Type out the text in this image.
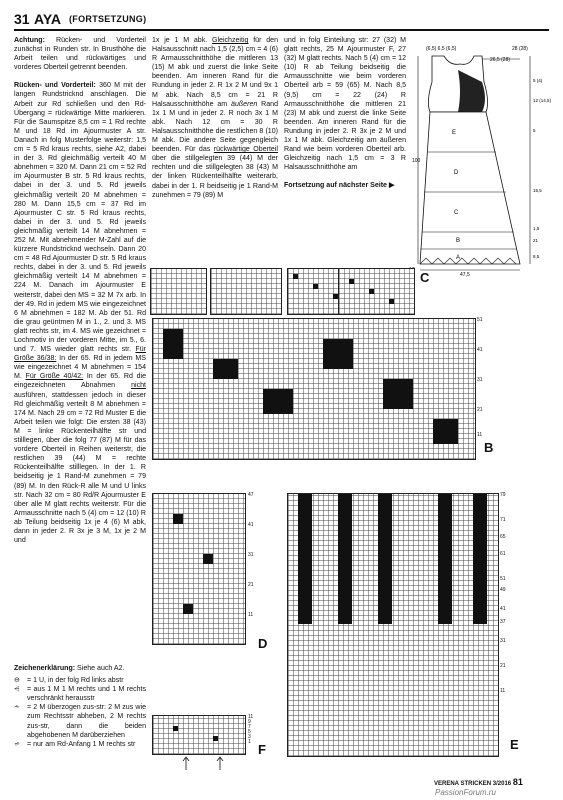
31 AYA (FORTSETZUNG)

Achtung: Rücken- und Vorderteil zunächst in Runden str. In Brusthöhe die Arbeit teilen und rückwärtiges und vorderes Oberteil getrennt beenden.

Rücken- und Vorderteil: 360 M mit der langen Rundstricknd anschlagen. Die Arbeit zur Rd schließen und den Rd-Übergang = rückwärtige Mitte markieren. Für die Saumspitze 8,5 cm = 1 Rd rechte M und 18 Rd im Ajourmuster A str. Danach in folg Musterfolge weiterstr: 1,5 cm = 5 Rd kraus rechts, siehe A2, dabei in der 3. Rd gleichmäßig verteilt 40 M abnehmen = 320 M. Dann 21 cm = 52 Rd im Ajourmuster B str. 5 Rd kraus rechts, dabei in der 3. und 5. Rd jeweils gleichmäßig verteilt 20 M abnehmen = 280 M. Dann 15,5 cm = 37 Rd im Ajourmuster C str. 5 Rd kraus rechts, dabei in der 3. und 5. Rd jeweils gleichmäßig verteilt 14 M abnehmen = 252 M. Mit abnehmender M-Zahl auf die kürzere Rundstricknd wechseln. Dann 20 cm = 48 Rd Ajourmuster D str. 5 Rd kraus rechts, dabei in der 3. und 5. Rd jeweils gleichmäßig verteilt 14 M abnehmen = 224 M. Danach im Ajourmuster E weiterstr, dabei den MS = 32 M 7x arb. In der 49. Rd in jedem MS wie eingezeichnet 6 M abnehmen = 182 M. Ab der 51. Rd die grau geüntmen M in 1., 2. und 3. MS glatt rechts str, im 4. MS wie gezeichnet = Lochmotiv in der vorderen Mitte, im 5., 6. und 7. MS wieder glatt rechts str. Für Größe 36/38: In der 65. Rd in jedem MS wie eingezeichnet 4 M abnehmen = 154 M. Für Größe 40/42: In der 65. Rd die eingezeichneten Abnahmen nicht ausführen, stattdessen jedoch in dieser Rd gleichmäßig verteilt 8 M abnehmen = 174 M. Nach 29 cm = 72 Rd Muster E die Arbeit teilen wie folgt: Die ersten 38 (43) M = linke Rückenteilhälfte str und stilllegen, über die folg 77 (87) M für das vordere Oberteil in Reihen weiterstr, die restlichen 39 (44) M = rechte Rückenteilhälfte stilllegen. In der 1. R beidseitig je 1 Rand-M zunehmen = 79 (89) M. In den Rück-R alle M und U links str. Nach 32 cm = 80 Rd/R Ajourmuster E über alle M glatt rechts weiterstr. Für die Armausschnitte nach 5 (4) cm = 12 (10) R ab Teilung beidseitig 1x je 4 (6) M abk, dann in jeder 2. R 3x je 3 M, 1x je 2 M und

Zeichenerklärung: Siehe auch A2.
⊖	= 1 U, in der folg Rd links abstr
⩤	= aus 1 M 1 M rechts und 1 M rechts verschränkt herausstr
⩪	= 2 M überzogen zus-str: 2 M zus wie zum Rechtsstr abheben, 2 M rechts zus-str, dann die beiden abgehobenen M darüberziehen
⩫	= nur am Rd-Anfang 1 M rechts str

1x je 1 M abk. Gleichzeitig für den Halsausschnitt nach 1,5 (2,5) cm = 4 (6) R Armausschnitthöhe die mittleren 13 (15) M abk und zuerst die linke Seite beenden. Am inneren Rand für die Rundung in jeder 2. R 1x 2 M und 9x 1 M abk. Nach 8,5 cm = 21 R Halsausschnitthöhe am äußeren Rand 1x 1 M und in jeder 2. R noch 3x 1 M abk. Nach 12 cm = 30 R Halsausschnitthöhe die restlichen 8 (10) M abk. Die andere Seite gegengleich beenden. Für das rückwärtige Oberteil über die stillgelegten 39 (44) M der rechten und die stillgelegten 38 (43) M der linken Rückenteilhälfte weiterarb, dabei in der 1. R beidseitig je 1 Rand-M zunehmen = 79 (89) M

und in folg Einteilung str: 27 (32) M glatt rechts, 25 M Ajourmuster F, 27 (32) M glatt rechts. Nach 5 (4) cm = 12 (10) R ab Teilung beidseitig die Armausschnitte wie beim vorderen Oberteil arb = 59 (65) M. Nach 8,5 (9,5) cm = 22 (24) R Armausschnitthöhe die mittleren 21 (23) M abk und zuerst die linke Seite beenden. Am inneren Rand für die Rundung in jeder 2. R 3x je 2 M und 1x 1 M abk. Gleichzeitig am äußeren Rand wie beim vorderen Oberteil arb. Gleichzeitig nach 1,5 cm = 3 R Halsausschnitthöhe am

Fortsetzung auf nächster Seite ▶

(6,5) 6,5 (6,5)	28 (28)
26,5 (28)
E
D
C
B
A
47,5
100
5 (4)
12 (14,5)
5
15,5
1,5
21
8,5
C
B
51
41
31
21
11
D
47
41
31
21
11
E
79
71
65
61
51
49
41
37
31
21
11
F
11
9
7
5
3
1
VERENA STRICKEN 3/2016 81
PassionForum.ru
